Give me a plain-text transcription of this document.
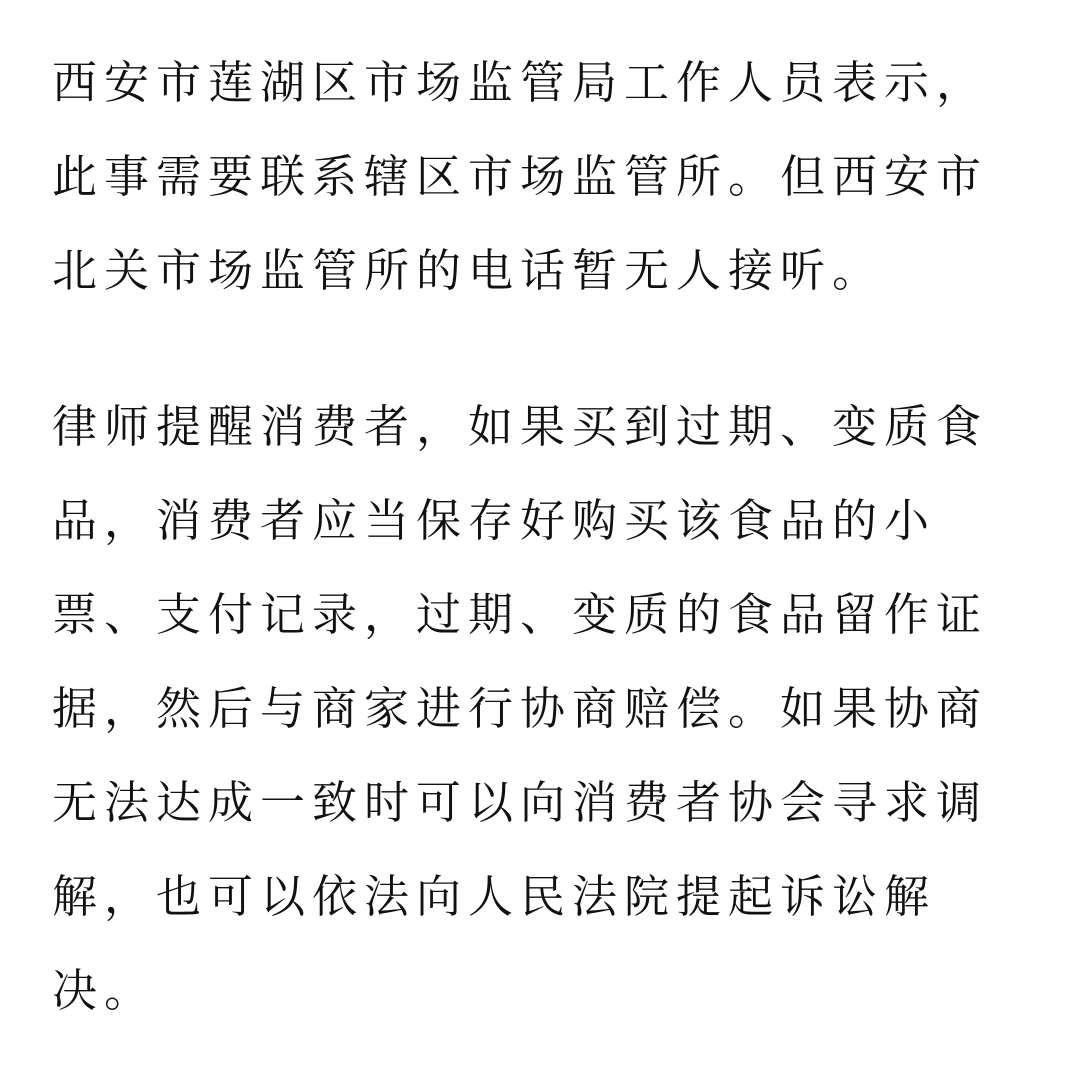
西安市莲湖区市场监管局工作人员表示，
此事需要联系辖区市场监管所。但西安市
北关市场监管所的电话暂无人接听。

律师提醒消费者，如果买到过期、变质食
品，消费者应当保存好购买该食品的小
票、支付记录，过期、变质的食品留作证
据，然后与商家进行协商赔偿。如果协商
无法达成一致时可以向消费者协会寻求调
解，也可以依法向人民法院提起诉讼解
决。
